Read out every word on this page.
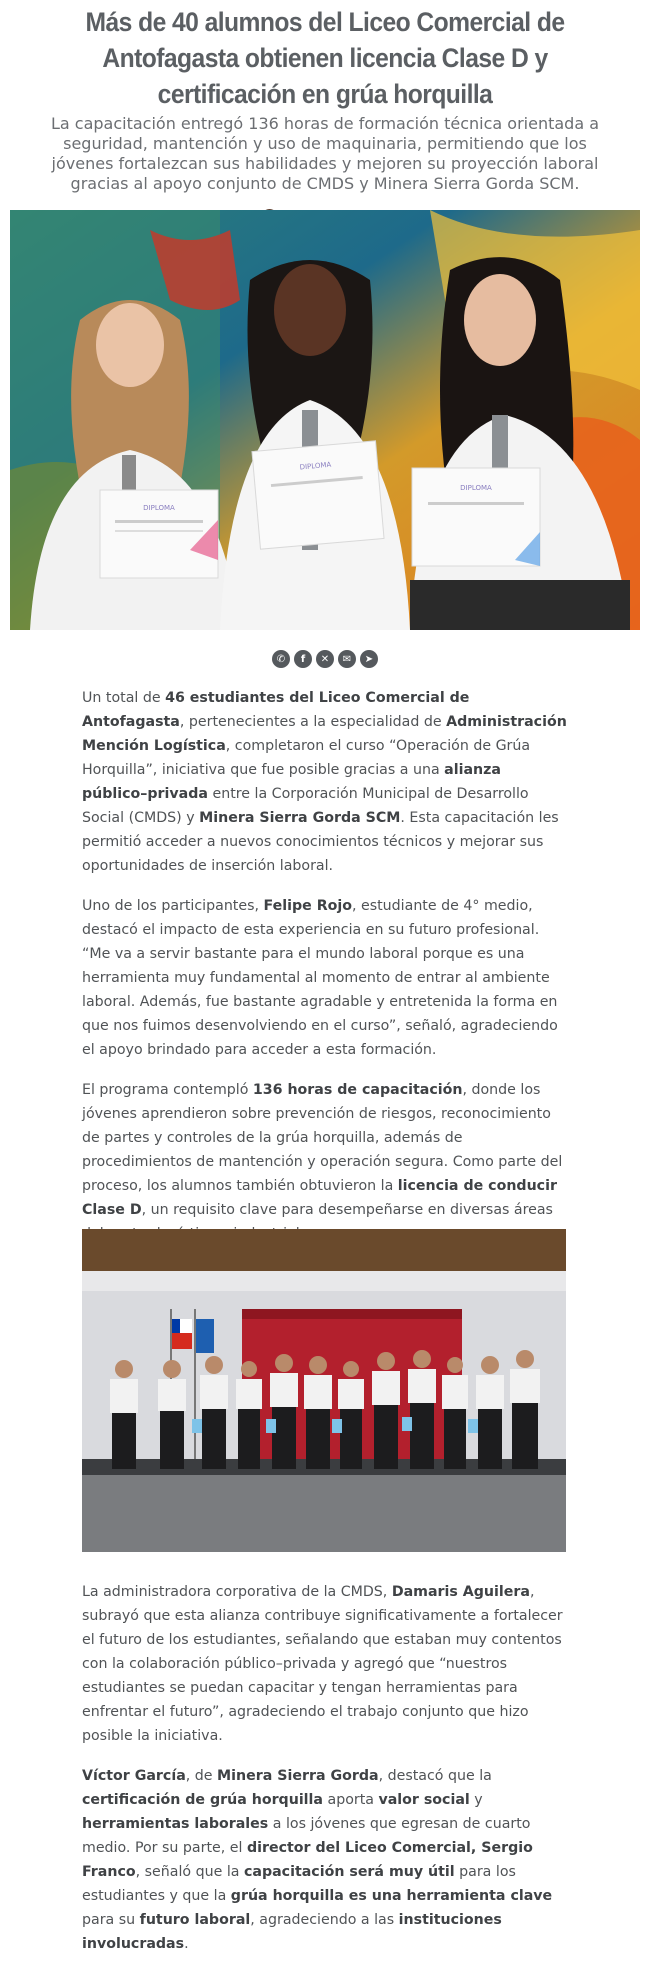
Más de 40 alumnos del Liceo Comercial de Antofagasta obtienen licencia Clase D y certificación en grúa horquilla

La capacitación entregó 136 horas de formación técnica orientada a seguridad, mantención y uso de maquinaria, permitiendo que los jóvenes fortalezcan sus habilidades y mejoren su proyección laboral gracias al apoyo conjunto de CMDS y Minera Sierra Gorda SCM.

DIPLOMA
DIPLOMA
DIPLOMA
✆	f	✕	✉	➤

Un total de 46 estudiantes del Liceo Comercial de Antofagasta, pertenecientes a la especialidad de Administración Mención Logística, completaron el curso “Operación de Grúa Horquilla”, iniciativa que fue posible gracias a una alianza público–privada entre la Corporación Municipal de Desarrollo Social (CMDS) y Minera Sierra Gorda SCM. Esta capacitación les permitió acceder a nuevos conocimientos técnicos y mejorar sus oportunidades de inserción laboral.

Uno de los participantes, Felipe Rojo, estudiante de 4° medio, destacó el impacto de esta experiencia en su futuro profesional. “Me va a servir bastante para el mundo laboral porque es una herramienta muy fundamental al momento de entrar al ambiente laboral. Además, fue bastante agradable y entretenida la forma en que nos fuimos desenvolviendo en el curso”, señaló, agradeciendo el apoyo brindado para acceder a esta formación.

El programa contempló 136 horas de capacitación, donde los jóvenes aprendieron sobre prevención de riesgos, reconocimiento de partes y controles de la grúa horquilla, además de procedimientos de mantención y operación segura. Como parte del proceso, los alumnos también obtuvieron la licencia de conducir Clase D, un requisito clave para desempeñarse en diversas áreas

La administradora corporativa de la CMDS, Damaris Aguilera, subrayó que esta alianza contribuye significativamente a fortalecer el futuro de los estudiantes, señalando que estaban muy contentos con la colaboración público–privada y agregó que “nuestros estudiantes se puedan capacitar y tengan herramientas para enfrentar el futuro”, agradeciendo el trabajo conjunto que hizo posible la iniciativa.

Víctor García, de Minera Sierra Gorda, destacó que la certificación de grúa horquilla aporta valor social y herramientas laborales a los jóvenes que egresan de cuarto medio. Por su parte, el director del Liceo Comercial, Sergio Franco, señaló que la capacitación será muy útil para los estudiantes y que la grúa horquilla es una herramienta clave para su futuro laboral, agradeciendo a las instituciones involucradas.
